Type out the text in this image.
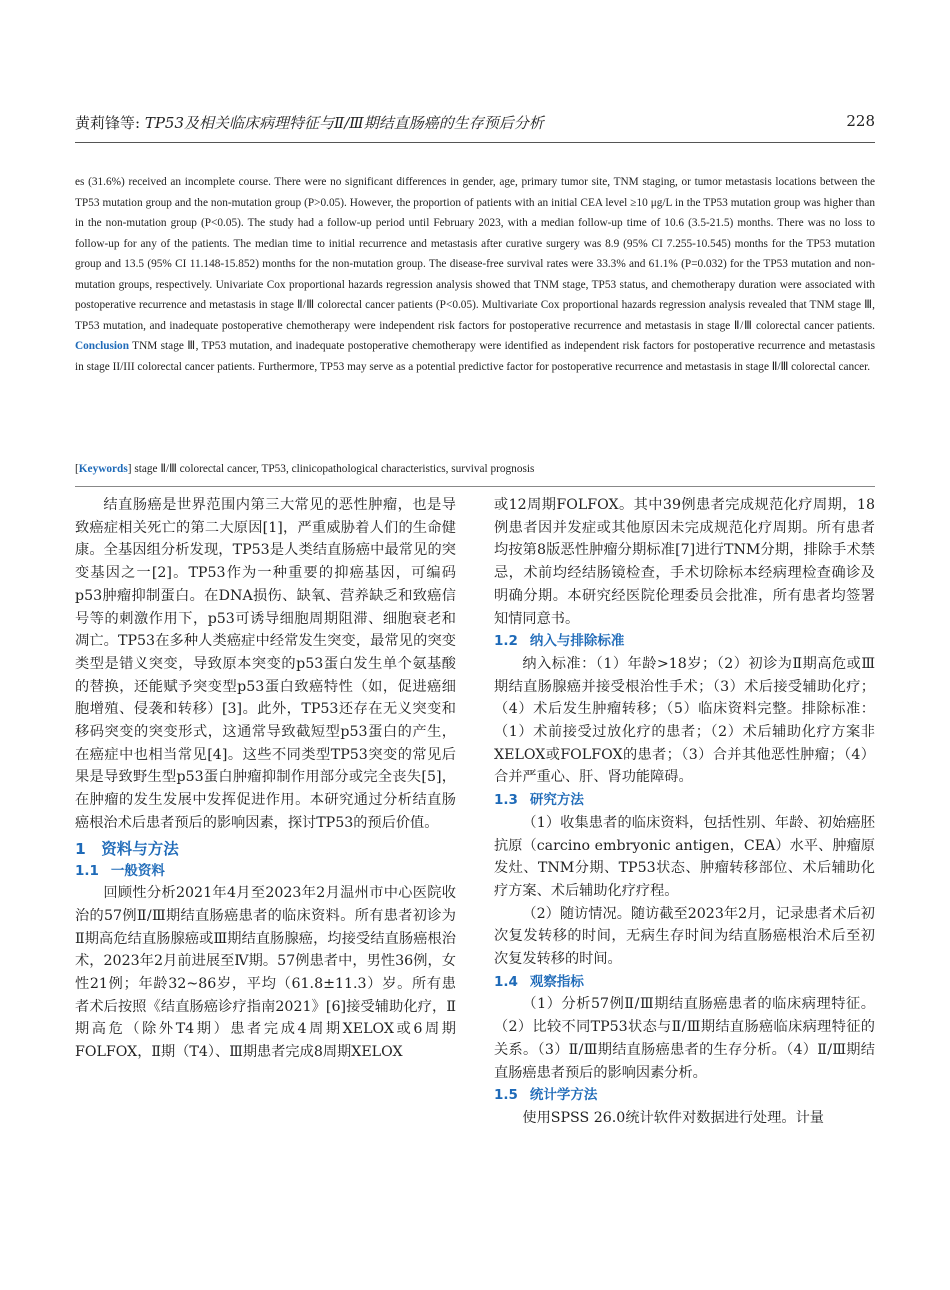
黄莉锋等: TP53及相关临床病理特征与Ⅱ/Ⅲ期结直肠癌的生存预后分析	228
es (31.6%) received an incomplete course. There were no significant differences in gender, age, primary tumor site, TNM staging, or tumor metastasis locations between the TP53 mutation group and the non-mutation group (P>0.05). However, the proportion of patients with an initial CEA level ≥10 μg/L in the TP53 mutation group was higher than in the non-mutation group (P<0.05). The study had a follow-up period until February 2023, with a median follow-up time of 10.6 (3.5-21.5) months. There was no loss to follow-up for any of the patients. The median time to initial recurrence and metastasis after curative surgery was 8.9 (95% CI 7.255-10.545) months for the TP53 mutation group and 13.5 (95% CI 11.148-15.852) months for the non-mutation group. The disease-free survival rates were 33.3% and 61.1% (P=0.032) for the TP53 mutation and non-mutation groups, respectively. Univariate Cox proportional hazards regression analysis showed that TNM stage, TP53 status, and chemotherapy duration were associated with postoperative recurrence and metastasis in stage Ⅱ/Ⅲ colorectal cancer patients (P<0.05). Multivariate Cox proportional hazards regression analysis revealed that TNM stage Ⅲ, TP53 mutation, and inadequate postoperative chemotherapy were independent risk factors for postoperative recurrence and metastasis in stage Ⅱ/Ⅲ colorectal cancer patients. Conclusion TNM stage Ⅲ, TP53 mutation, and inadequate postoperative chemotherapy were identified as independent risk factors for postoperative recurrence and metastasis in stage II/III colorectal cancer patients. Furthermore, TP53 may serve as a potential predictive factor for postoperative recurrence and metastasis in stage Ⅱ/Ⅲ colorectal cancer.
[Keywords] stage Ⅱ/Ⅲ colorectal cancer, TP53, clinicopathological characteristics, survival prognosis

结直肠癌是世界范围内第三大常见的恶性肿瘤，也是导致癌症相关死亡的第二大原因[1]，严重威胁着人们的生命健康。全基因组分析发现，TP53是人类结直肠癌中最常见的突变基因之一[2]。TP53作为一种重要的抑癌基因，可编码p53肿瘤抑制蛋白。在DNA损伤、缺氧、营养缺乏和致癌信号等的刺激作用下，p53可诱导细胞周期阻滞、细胞衰老和凋亡。TP53在多种人类癌症中经常发生突变，最常见的突变类型是错义突变，导致原本突变的p53蛋白发生单个氨基酸的替换，还能赋予突变型p53蛋白致癌特性（如，促进癌细胞增殖、侵袭和转移）[3]。此外，TP53还存在无义突变和移码突变的突变形式，这通常导致截短型p53蛋白的产生，在癌症中也相当常见[4]。这些不同类型TP53突变的常见后果是导致野生型p53蛋白肿瘤抑制作用部分或完全丧失[5]，在肿瘤的发生发展中发挥促进作用。本研究通过分析结直肠癌根治术后患者预后的影响因素，探讨TP53的预后价值。

1　资料与方法
1.1 一般资料

回顾性分析2021年4月至2023年2月温州市中心医院收治的57例Ⅱ/Ⅲ期结直肠癌患者的临床资料。所有患者初诊为Ⅱ期高危结直肠腺癌或Ⅲ期结直肠腺癌，均接受结直肠癌根治术，2023年2月前进展至Ⅳ期。57例患者中，男性36例，女性21例；年龄32~86岁，平均（61.8±11.3）岁。所有患者术后按照《结直肠癌诊疗指南2021》[6]接受辅助化疗，Ⅱ期高危（除外T4期）患者完成4周期XELOX或6周期FOLFOX，Ⅱ期（T4）、Ⅲ期患者完成8周期XELOX

或12周期FOLFOX。其中39例患者完成规范化疗周期，18例患者因并发症或其他原因未完成规范化疗周期。所有患者均按第8版恶性肿瘤分期标准[7]进行TNM分期，排除手术禁忌，术前均经结肠镜检查，手术切除标本经病理检查确诊及明确分期。本研究经医院伦理委员会批准，所有患者均签署知情同意书。

1.2 纳入与排除标准

纳入标准：（1）年龄>18岁；（2）初诊为Ⅱ期高危或Ⅲ期结直肠腺癌并接受根治性手术；（3）术后接受辅助化疗；（4）术后发生肿瘤转移；（5）临床资料完整。排除标准：（1）术前接受过放化疗的患者；（2）术后辅助化疗方案非XELOX或FOLFOX的患者；（3）合并其他恶性肿瘤；（4）合并严重心、肝、肾功能障碍。

1.3 研究方法

（1）收集患者的临床资料，包括性别、年龄、初始癌胚抗原（carcino embryonic antigen，CEA）水平、肿瘤原发灶、TNM分期、TP53状态、肿瘤转移部位、术后辅助化疗方案、术后辅助化疗疗程。

（2）随访情况。随访截至2023年2月，记录患者术后初次复发转移的时间，无病生存时间为结直肠癌根治术后至初次复发转移的时间。

1.4 观察指标

（1）分析57例Ⅱ/Ⅲ期结直肠癌患者的临床病理特征。（2）比较不同TP53状态与Ⅱ/Ⅲ期结直肠癌临床病理特征的关系。（3）Ⅱ/Ⅲ期结直肠癌患者的生存分析。（4）Ⅱ/Ⅲ期结直肠癌患者预后的影响因素分析。

1.5 统计学方法

使用SPSS 26.0统计软件对数据进行处理。计量
